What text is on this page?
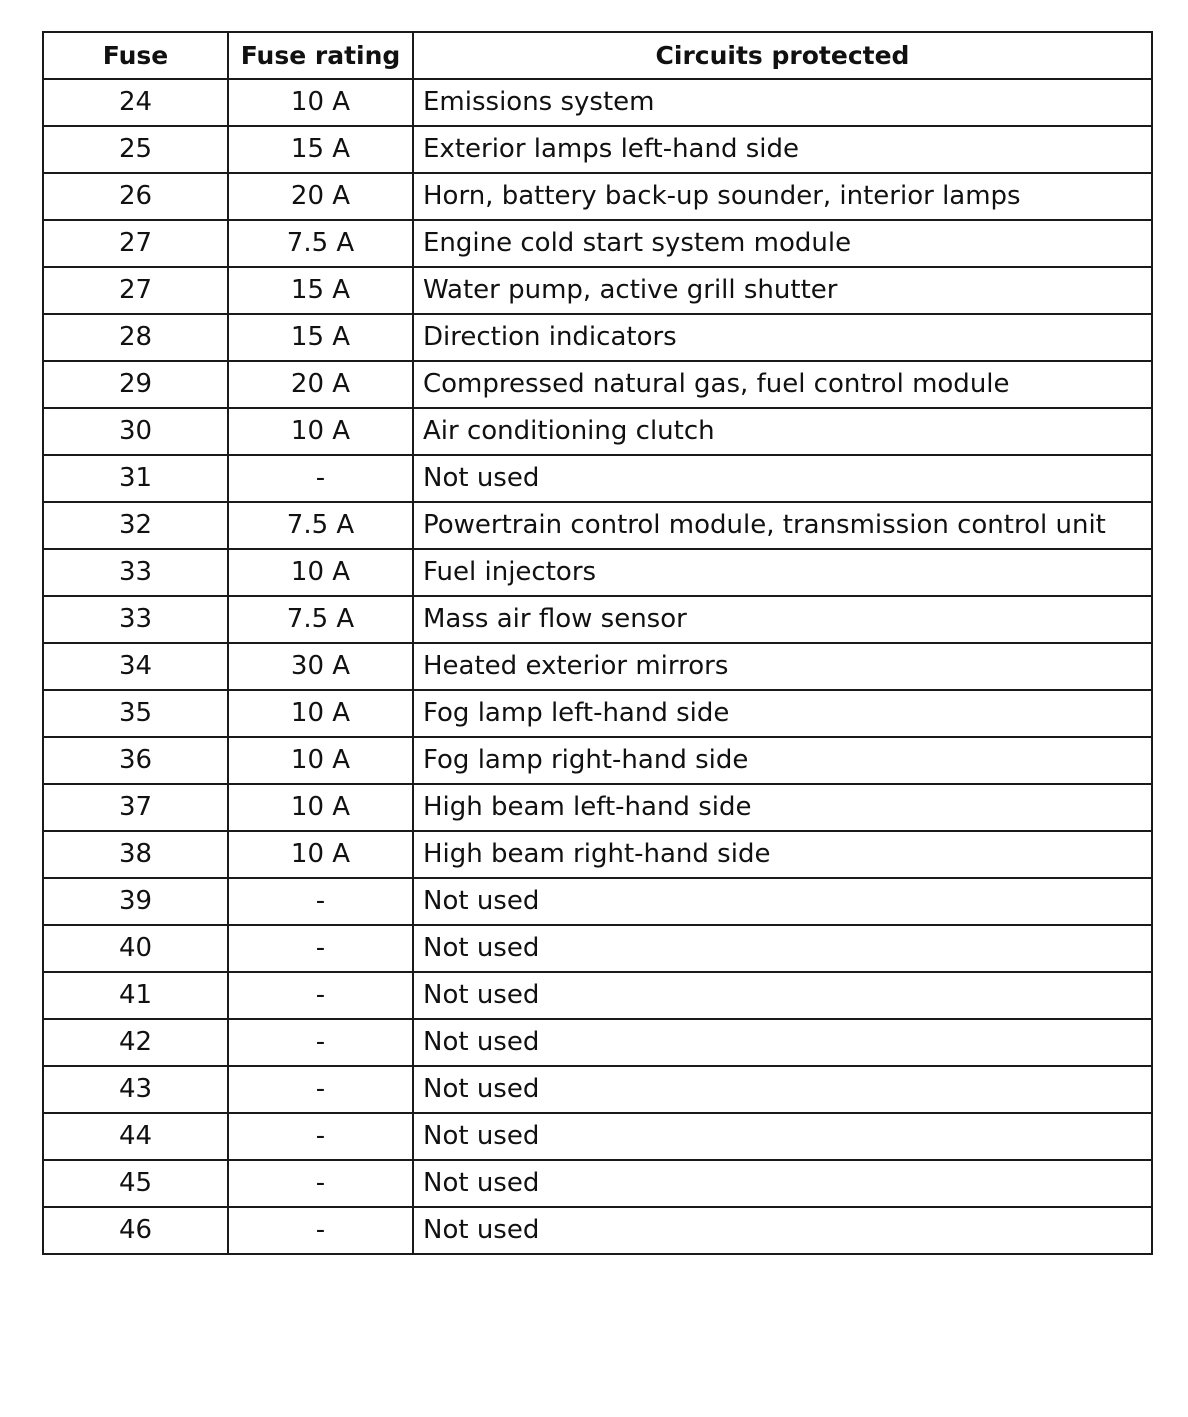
Fuse	Fuse rating	Circuits protected
24	10 A	Emissions system
25	15 A	Exterior lamps left-hand side
26	20 A	Horn, battery back-up sounder, interior lamps
27	7.5 A	Engine cold start system module
27	15 A	Water pump, active grill shutter
28	15 A	Direction indicators
29	20 A	Compressed natural gas, fuel control module
30	10 A	Air conditioning clutch
31	-	Not used
32	7.5 A	Powertrain control module, transmission control unit
33	10 A	Fuel injectors
33	7.5 A	Mass air flow sensor
34	30 A	Heated exterior mirrors
35	10 A	Fog lamp left-hand side
36	10 A	Fog lamp right-hand side
37	10 A	High beam left-hand side
38	10 A	High beam right-hand side
39	-	Not used
40	-	Not used
41	-	Not used
42	-	Not used
43	-	Not used
44	-	Not used
45	-	Not used
46	-	Not used
